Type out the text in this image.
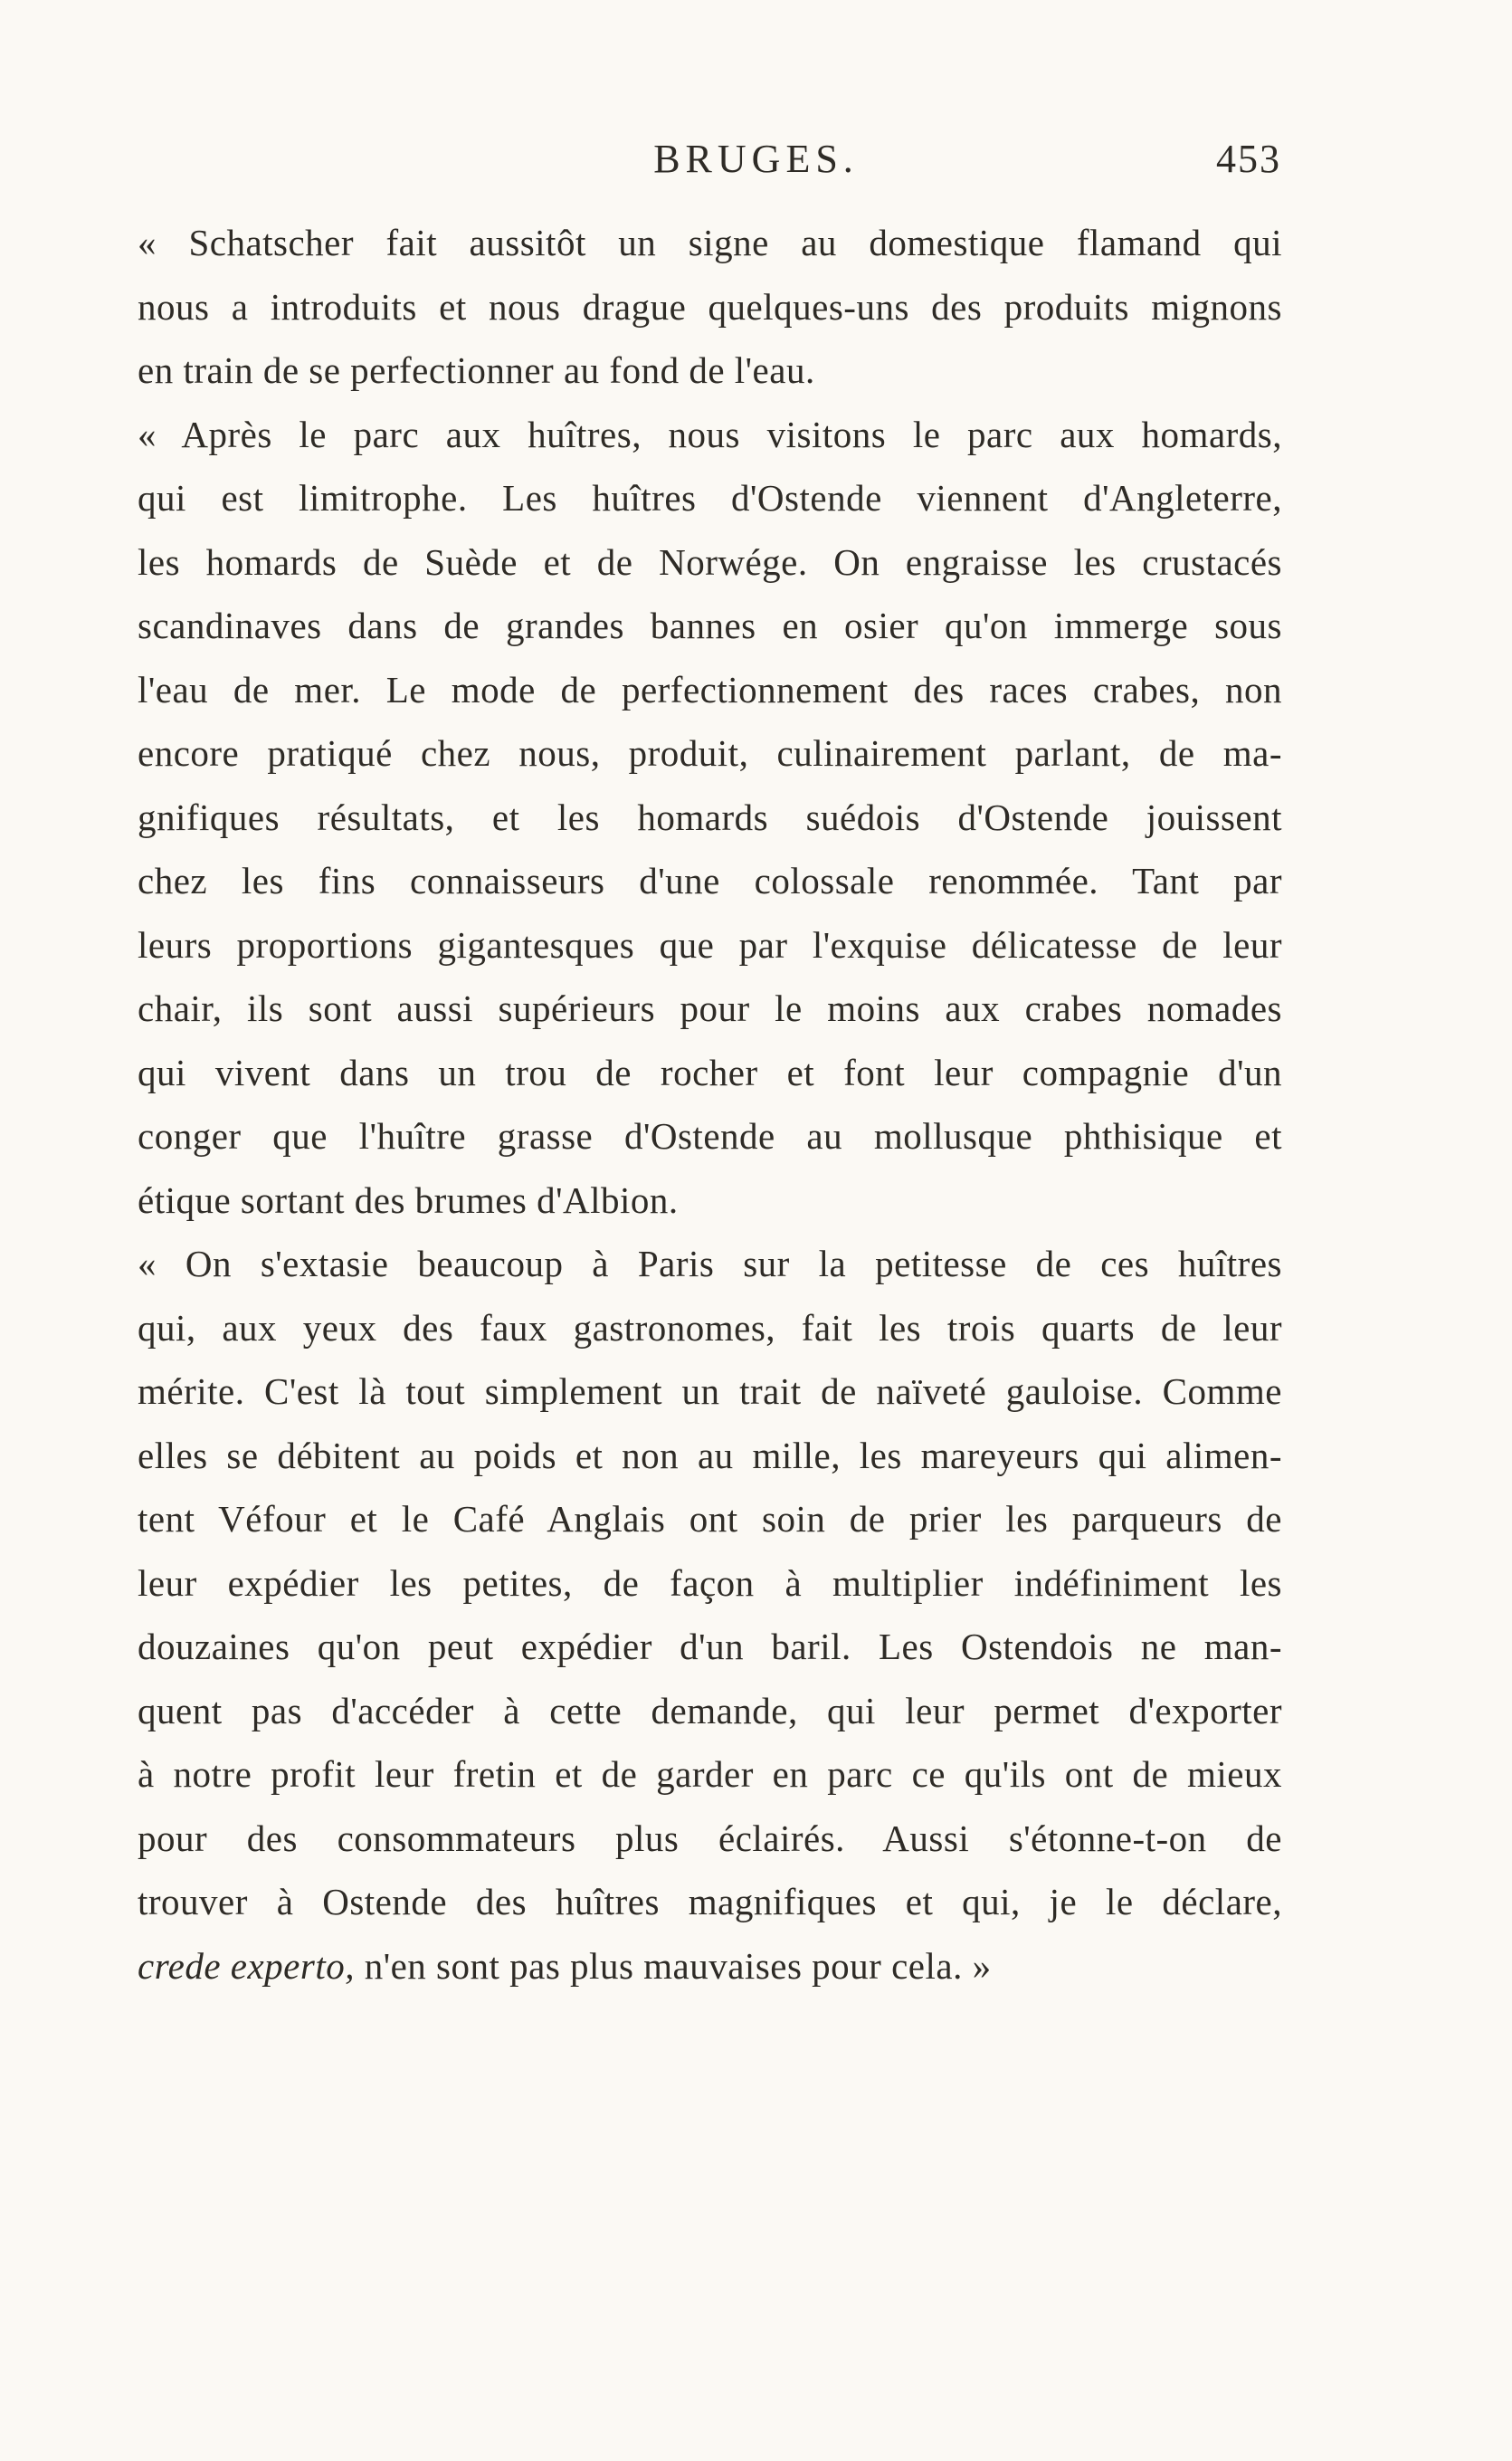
BRUGES.	453
« Schatscher fait aussitôt un signe au domestique flamand qui
nous a introduits et nous drague quelques-uns des produits mignons
en train de se perfectionner au fond de l'eau.
« Après le parc aux huîtres, nous visitons le parc aux homards,
qui est limitrophe. Les huîtres d'Ostende viennent d'Angleterre,
les homards de Suède et de Norwége. On engraisse les crustacés
scandinaves dans de grandes bannes en osier qu'on immerge sous
l'eau de mer. Le mode de perfectionnement des races crabes, non
encore pratiqué chez nous, produit, culinairement parlant, de ma-
gnifiques résultats, et les homards suédois d'Ostende jouissent
chez les fins connaisseurs d'une colossale renommée. Tant par
leurs proportions gigantesques que par l'exquise délicatesse de leur
chair, ils sont aussi supérieurs pour le moins aux crabes nomades
qui vivent dans un trou de rocher et font leur compagnie d'un
conger que l'huître grasse d'Ostende au mollusque phthisique et
étique sortant des brumes d'Albion.
« On s'extasie beaucoup à Paris sur la petitesse de ces huîtres
qui, aux yeux des faux gastronomes, fait les trois quarts de leur
mérite. C'est là tout simplement un trait de naïveté gauloise. Comme
elles se débitent au poids et non au mille, les mareyeurs qui alimen-
tent Véfour et le Café Anglais ont soin de prier les parqueurs de
leur expédier les petites, de façon à multiplier indéfiniment les
douzaines qu'on peut expédier d'un baril. Les Ostendois ne man-
quent pas d'accéder à cette demande, qui leur permet d'exporter
à notre profit leur fretin et de garder en parc ce qu'ils ont de mieux
pour des consommateurs plus éclairés. Aussi s'étonne-t-on de
trouver à Ostende des huîtres magnifiques et qui, je le déclare,
crede experto, n'en sont pas plus mauvaises pour cela. »
